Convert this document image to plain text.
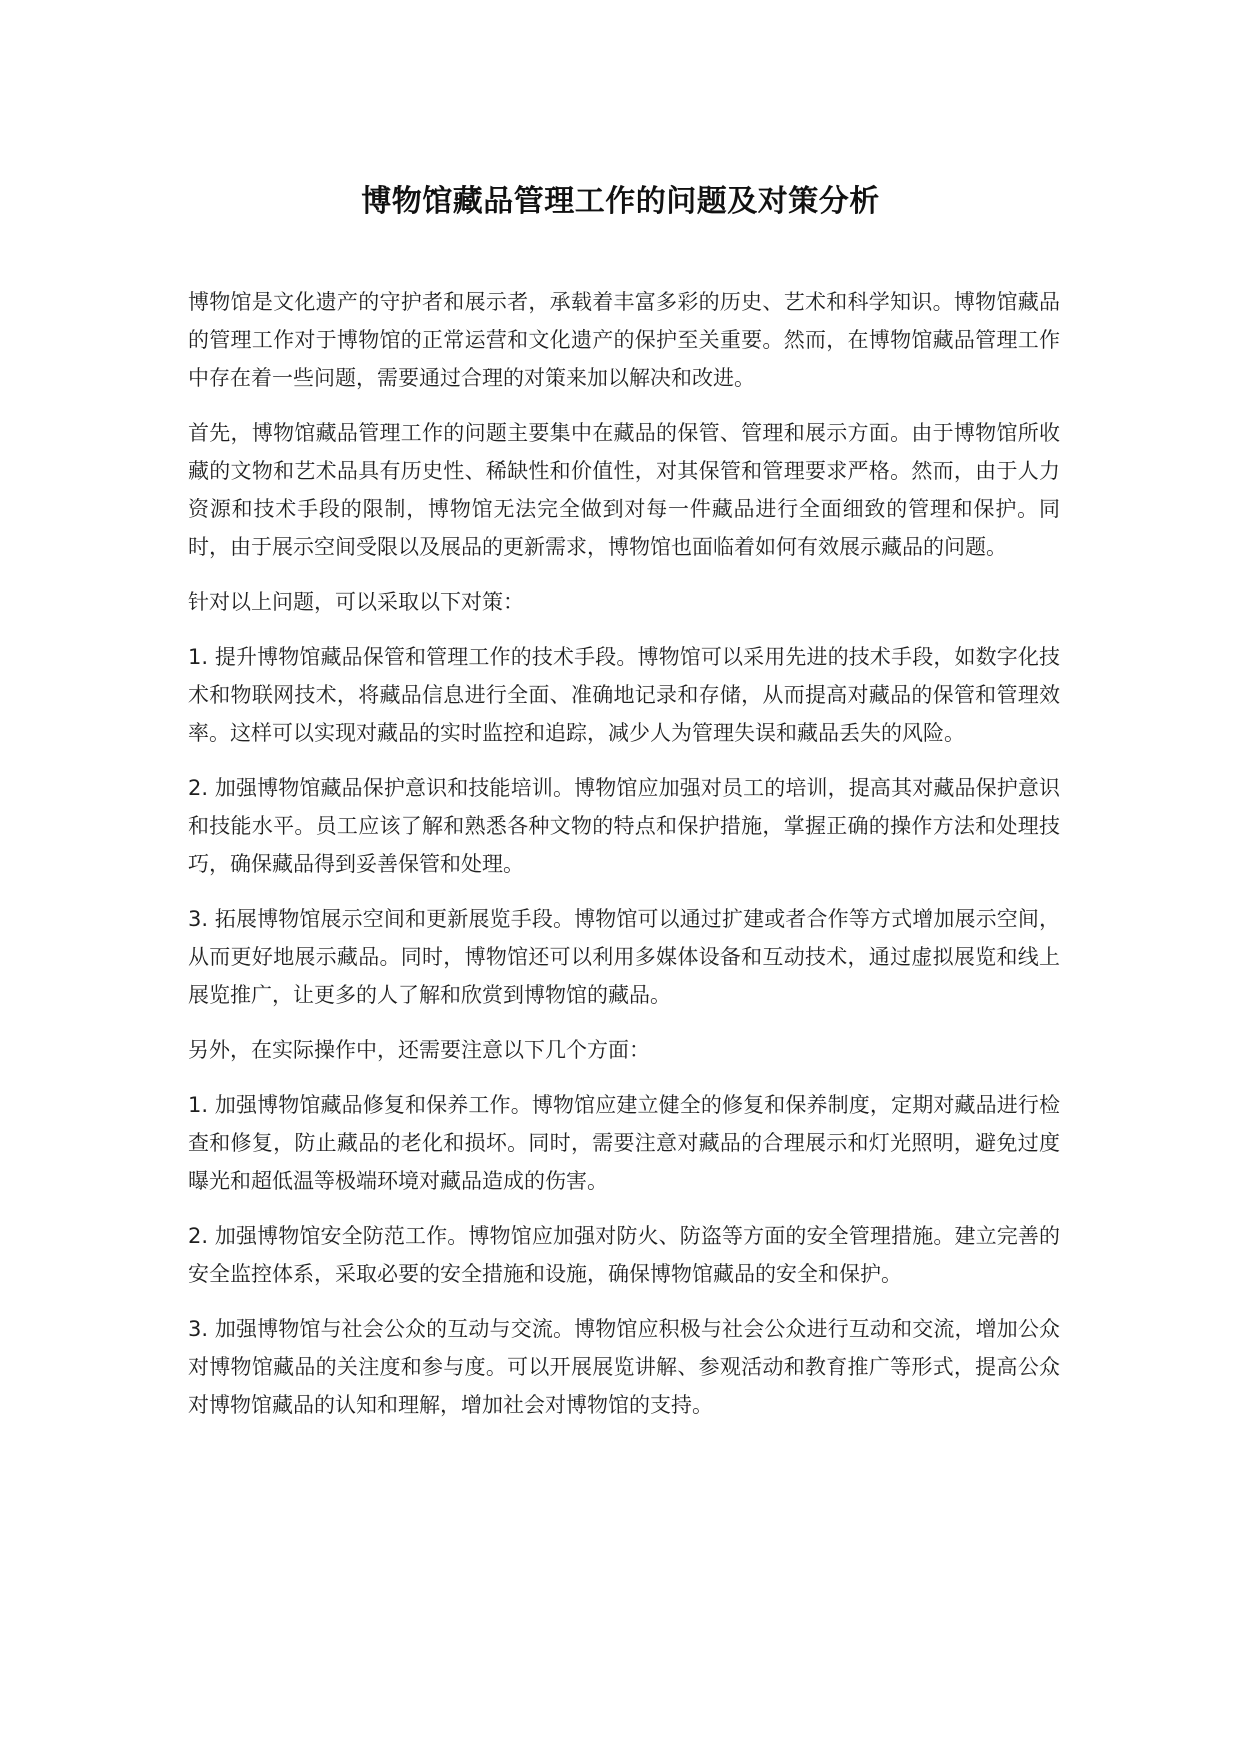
博物馆藏品管理工作的问题及对策分析

博物馆是文化遗产的守护者和展示者，承载着丰富多彩的历史、艺术和科学知识。博物馆藏品的管理工作对于博物馆的正常运营和文化遗产的保护至关重要。然而，在博物馆藏品管理工作中存在着一些问题，需要通过合理的对策来加以解决和改进。

首先，博物馆藏品管理工作的问题主要集中在藏品的保管、管理和展示方面。由于博物馆所收藏的文物和艺术品具有历史性、稀缺性和价值性，对其保管和管理要求严格。然而，由于人力资源和技术手段的限制，博物馆无法完全做到对每一件藏品进行全面细致的管理和保护。同时，由于展示空间受限以及展品的更新需求，博物馆也面临着如何有效展示藏品的问题。

针对以上问题，可以采取以下对策：

1. 提升博物馆藏品保管和管理工作的技术手段。博物馆可以采用先进的技术手段，如数字化技术和物联网技术，将藏品信息进行全面、准确地记录和存储，从而提高对藏品的保管和管理效率。这样可以实现对藏品的实时监控和追踪，减少人为管理失误和藏品丢失的风险。

2. 加强博物馆藏品保护意识和技能培训。博物馆应加强对员工的培训，提高其对藏品保护意识和技能水平。员工应该了解和熟悉各种文物的特点和保护措施，掌握正确的操作方法和处理技巧，确保藏品得到妥善保管和处理。

3. 拓展博物馆展示空间和更新展览手段。博物馆可以通过扩建或者合作等方式增加展示空间，从而更好地展示藏品。同时，博物馆还可以利用多媒体设备和互动技术，通过虚拟展览和线上展览推广，让更多的人了解和欣赏到博物馆的藏品。

另外，在实际操作中，还需要注意以下几个方面：

1. 加强博物馆藏品修复和保养工作。博物馆应建立健全的修复和保养制度，定期对藏品进行检查和修复，防止藏品的老化和损坏。同时，需要注意对藏品的合理展示和灯光照明，避免过度曝光和超低温等极端环境对藏品造成的伤害。

2. 加强博物馆安全防范工作。博物馆应加强对防火、防盗等方面的安全管理措施。建立完善的安全监控体系，采取必要的安全措施和设施，确保博物馆藏品的安全和保护。

3. 加强博物馆与社会公众的互动与交流。博物馆应积极与社会公众进行互动和交流，增加公众对博物馆藏品的关注度和参与度。可以开展展览讲解、参观活动和教育推广等形式，提高公众对博物馆藏品的认知和理解，增加社会对博物馆的支持。
